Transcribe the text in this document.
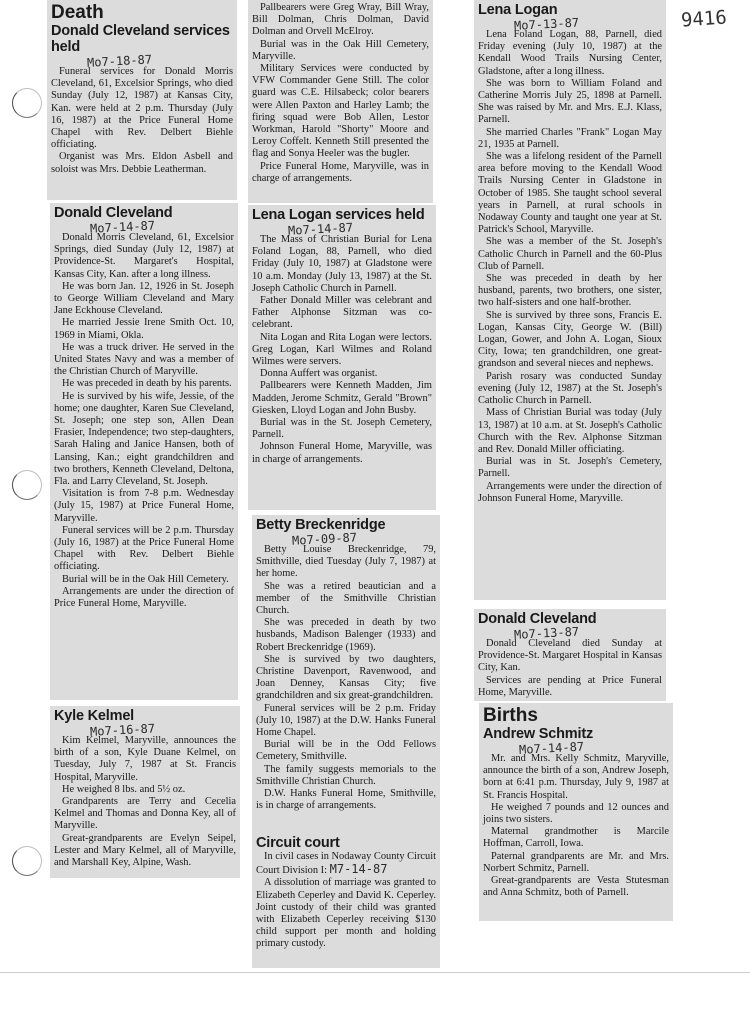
9416
Death
Donald Cleveland services held
Mo7-18-87

Funeral services for Donald Morris Cleveland, 61, Excelsior Springs, who died Sunday (July 12, 1987) at Kansas City, Kan. were held at 2 p.m. Thursday (July 16, 1987) at the Price Funeral Home Chapel with Rev. Delbert Biehle officiating.

Organist was Mrs. Eldon Asbell and soloist was Mrs. Debbie Leatherman.

Pallbearers were Greg Wray, Bill Wray, Bill Dolman, Chris Dolman, David Dolman and Orvell McElroy.

Burial was in the Oak Hill Cemetery, Maryville.

Military Services were conducted by VFW Commander Gene Still. The color guard was C.E. Hilsabeck; color bearers were Allen Paxton and Harley Lamb; the firing squad were Bob Allen, Lestor Workman, Harold "Shorty" Moore and Leroy Coffelt. Kenneth Still presented the flag and Sonya Heeler was the bugler.

Price Funeral Home, Maryville, was in charge of arrangements.

Lena Logan
Mo7-13-87

Lena Foland Logan, 88, Parnell, died Friday evening (July 10, 1987) at the Kendall Wood Trails Nursing Center, Gladstone, after a long illness.

She was born to William Foland and Catherine Morris July 25, 1898 at Parnell. She was raised by Mr. and Mrs. E.J. Klass, Parnell.

She married Charles "Frank" Logan May 21, 1935 at Parnell.

She was a lifelong resident of the Parnell area before moving to the Kendall Wood Trails Nursing Center in Gladstone in October of 1985. She taught school several years in Parnell, at rural schools in Nodaway County and taught one year at St. Patrick's School, Maryville.

She was a member of the St. Joseph's Catholic Church in Parnell and the 60-Plus Club of Parnell.

She was preceded in death by her husband, parents, two brothers, one sister, two half-sisters and one half-brother.

She is survived by three sons, Francis E. Logan, Kansas City, George W. (Bill) Logan, Gower, and John A. Logan, Sioux City, Iowa; ten grandchildren, one great-grandson and several nieces and nephews.

Parish rosary was conducted Sunday evening (July 12, 1987) at the St. Joseph's Catholic Church in Parnell.

Mass of Christian Burial was today (July 13, 1987) at 10 a.m. at St. Joseph's Catholic Church with the Rev. Alphonse Sitzman and Rev. Donald Miller officiating.

Burial was in St. Joseph's Cemetery, Parnell.

Arrangements were under the direction of Johnson Funeral Home, Maryville.

Donald Cleveland
Mo7-14-87

Donald Morris Cleveland, 61, Excelsior Springs, died Sunday (July 12, 1987) at Providence-St. Margaret's Hospital, Kansas City, Kan. after a long illness.

He was born Jan. 12, 1926 in St. Joseph to George William Cleveland and Mary Jane Eckhouse Cleveland.

He married Jessie Irene Smith Oct. 10, 1969 in Miami, Okla.

He was a truck driver. He served in the United States Navy and was a member of the Christian Church of Maryville.

He was preceded in death by his parents.

He is survived by his wife, Jessie, of the home; one daughter, Karen Sue Cleveland, St. Joseph; one step son, Allen Dean Frasier, Independence; two step-daughters, Sarah Haling and Janice Hansen, both of Lansing, Kan.; eight grandchildren and two brothers, Kenneth Cleveland, Deltona, Fla. and Larry Cleveland, St. Joseph.

Visitation is from 7-8 p.m. Wednesday (July 15, 1987) at Price Funeral Home, Maryville.

Funeral services will be 2 p.m. Thursday (July 16, 1987) at the Price Funeral Home Chapel with Rev. Delbert Biehle officiating.

Burial will be in the Oak Hill Cemetery.

Arrangements are under the direction of Price Funeral Home, Maryville.

Lena Logan services held
Mo7-14-87

The Mass of Christian Burial for Lena Foland Logan, 88, Parnell, who died Friday (July 10, 1987) at Gladstone were 10 a.m. Monday (July 13, 1987) at the St. Joseph Catholic Church in Parnell.

Father Donald Miller was celebrant and Father Alphonse Sitzman was co-celebrant.

Nita Logan and Rita Logan were lectors. Greg Logan, Karl Wilmes and Roland Wilmes were servers.

Donna Auffert was organist.

Pallbearers were Kenneth Madden, Jim Madden, Jerome Schmitz, Gerald "Brown" Giesken, Lloyd Logan and John Busby.

Burial was in the St. Joseph Cemetery, Parnell.

Johnson Funeral Home, Maryville, was in charge of arrangements.

Betty Breckenridge
Mo7-09-87

Betty Louise Breckenridge, 79, Smithville, died Tuesday (July 7, 1987) at her home.

She was a retired beautician and a member of the Smithville Christian Church.

She was preceded in death by two husbands, Madison Balenger (1933) and Robert Breckenridge (1969).

She is survived by two daughters, Christine Davenport, Ravenwood, and Joan Denney, Kansas City; five grandchildren and six great-grandchildren.

Funeral services will be 2 p.m. Friday (July 10, 1987) at the D.W. Hanks Funeral Home Chapel.

Burial will be in the Odd Fellows Cemetery, Smithville.

The family suggests memorials to the Smithville Christian Church.

D.W. Hanks Funeral Home, Smithville, is in charge of arrangements.

Circuit court

In civil cases in Nodaway County Circuit Court Division I: M7-14-87

A dissolution of marriage was granted to Elizabeth Ceperley and David K. Ceperley. Joint custody of their child was granted with Elizabeth Ceperley receiving $130 child support per month and holding primary custody.

Kyle Kelmel
Mo7-16-87

Kim Kelmel, Maryville, announces the birth of a son, Kyle Duane Kelmel, on Tuesday, July 7, 1987 at St. Francis Hospital, Maryville.

He weighed 8 lbs. and 5½ oz.

Grandparents are Terry and Cecelia Kelmel and Thomas and Donna Key, all of Maryville.

Great-grandparents are Evelyn Seipel, Lester and Mary Kelmel, all of Maryville, and Marshall Key, Alpine, Wash.

Donald Cleveland
Mo7-13-87

Donald Cleveland died Sunday at Providence-St. Margaret Hospital in Kansas City, Kan.

Services are pending at Price Funeral Home, Maryville.

Births
Andrew Schmitz
Mo7-14-87

Mr. and Mrs. Kelly Schmitz, Maryville, announce the birth of a son, Andrew Joseph, born at 6:41 p.m. Thursday, July 9, 1987 at St. Francis Hospital.

He weighed 7 pounds and 12 ounces and joins two sisters.

Maternal grandmother is Marcile Hoffman, Carroll, Iowa.

Paternal grandparents are Mr. and Mrs. Norbert Schmitz, Parnell.

Great-grandparents are Vesta Stutesman and Anna Schmitz, both of Parnell.
